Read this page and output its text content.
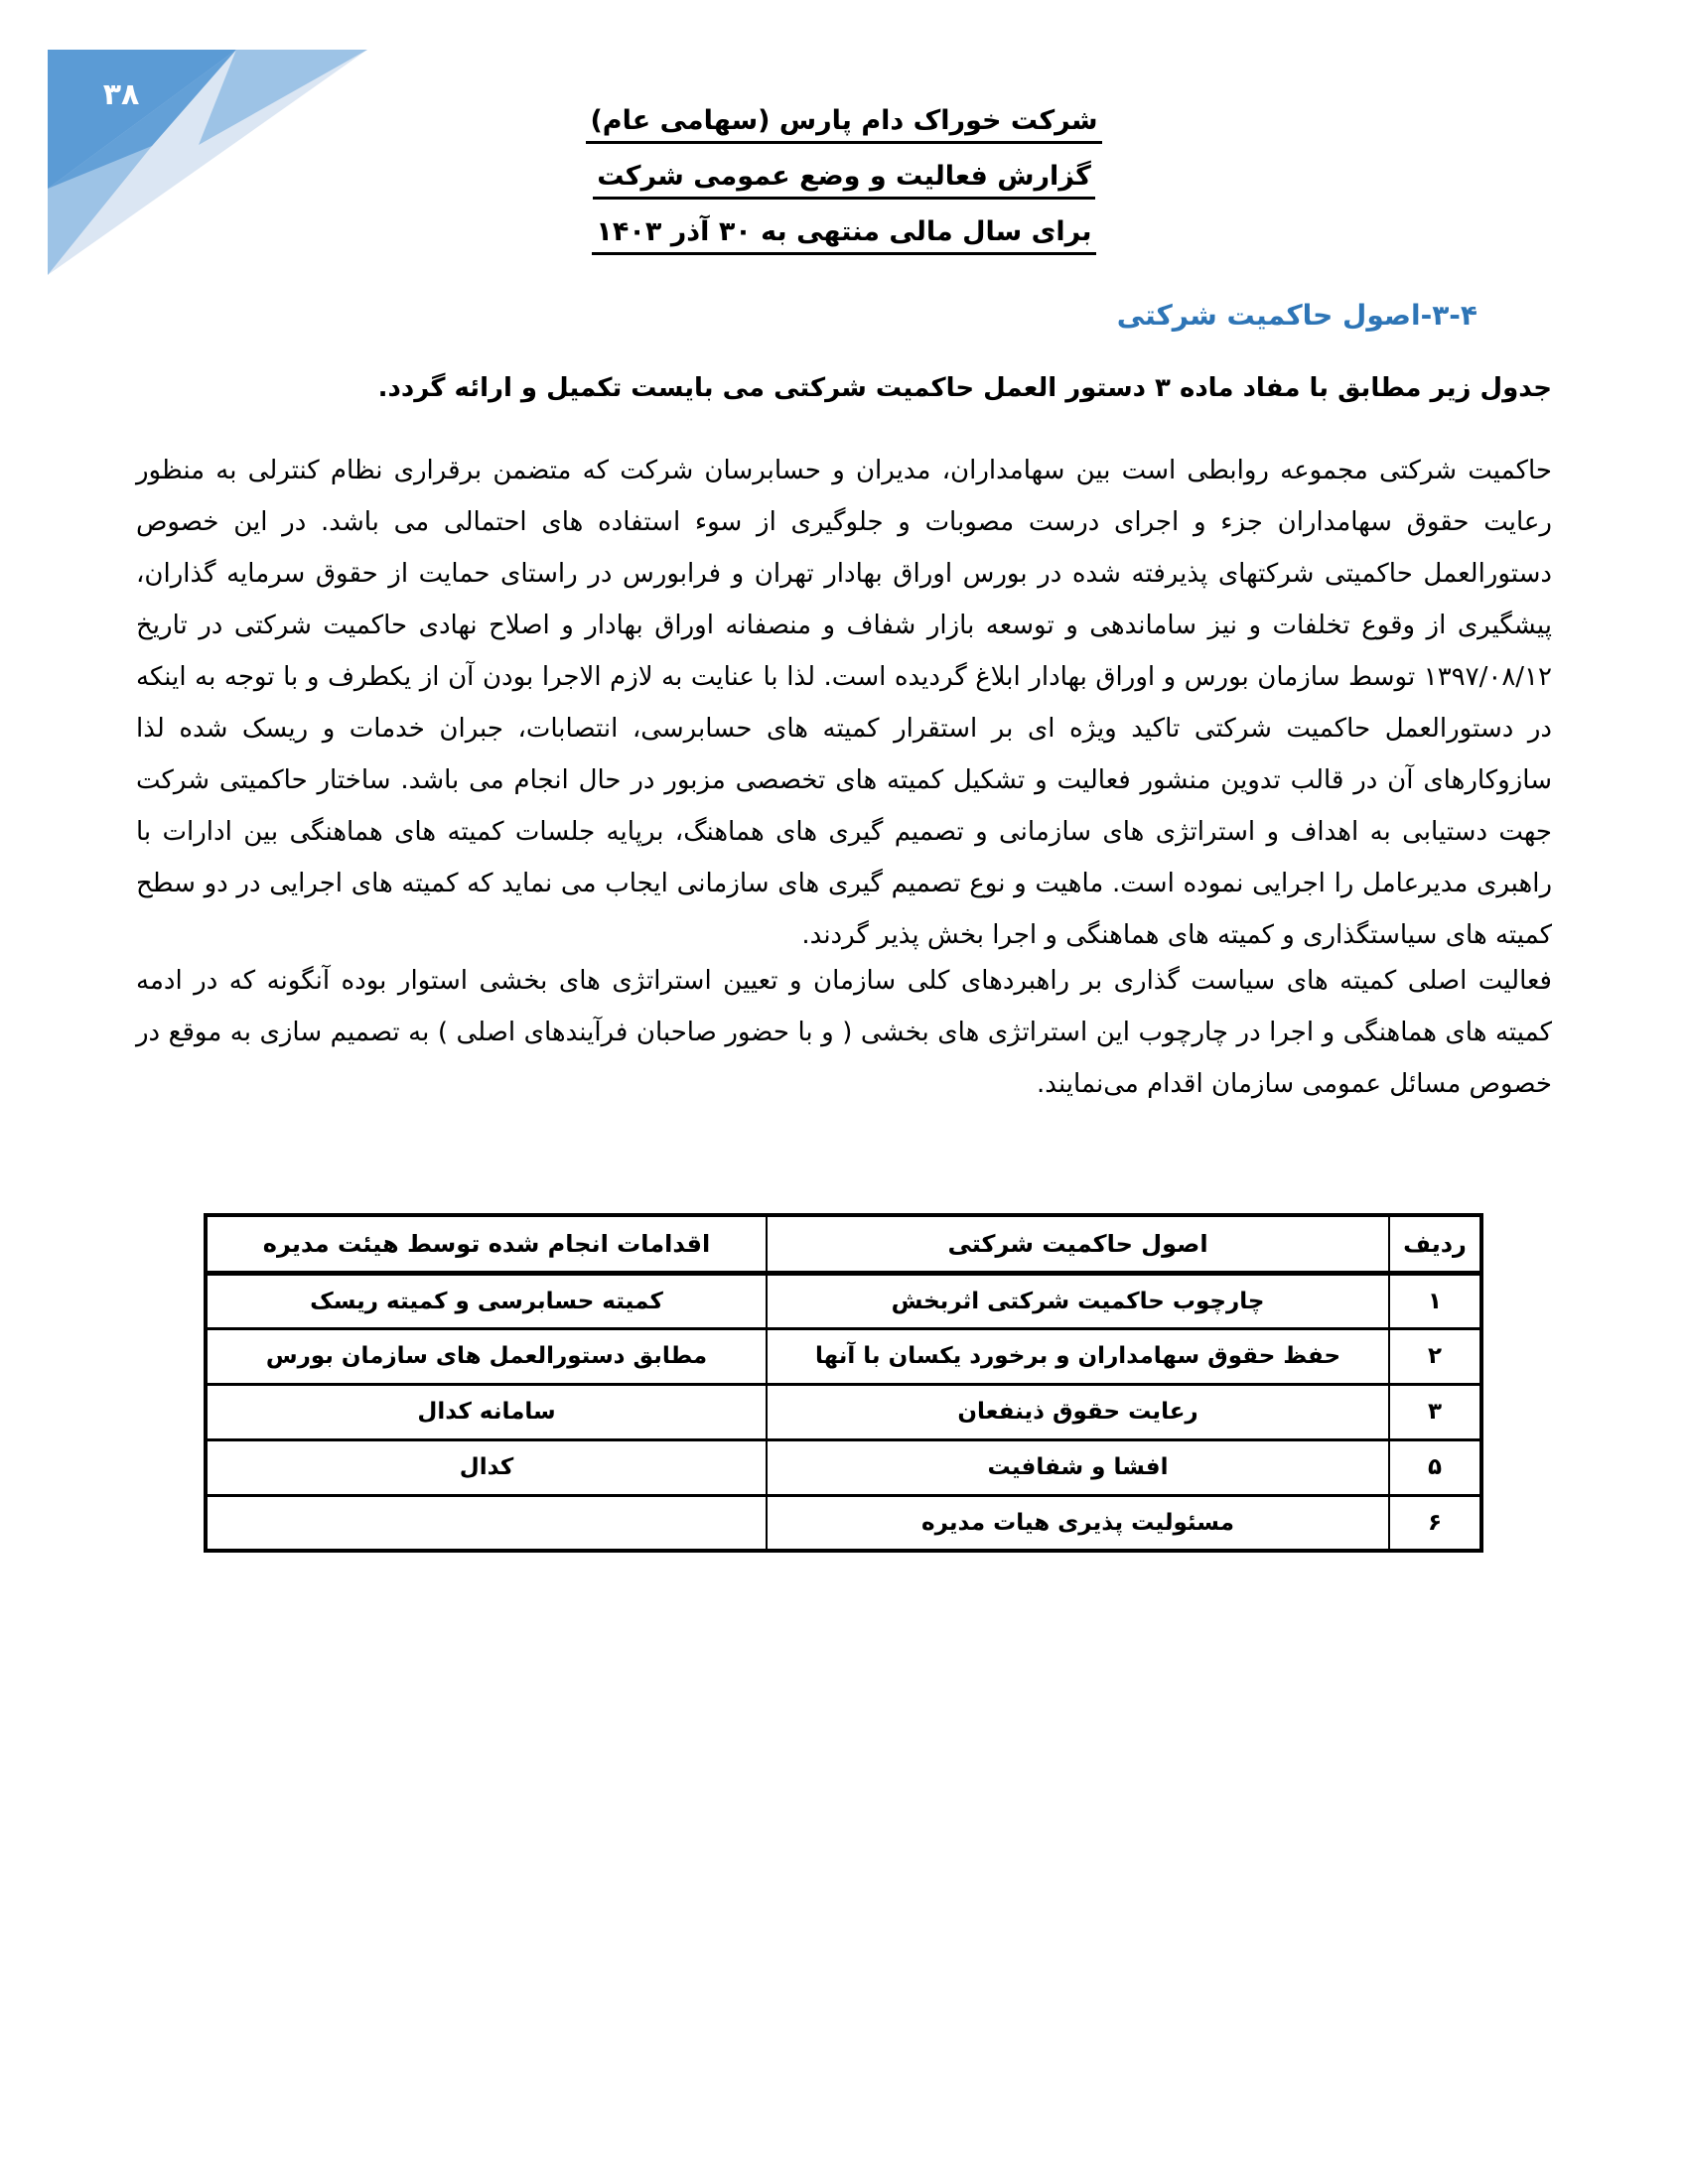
۳۸
شرکت خوراک دام پارس (سهامی عام)
گزارش فعالیت و وضع عمومی شرکت
برای سال مالی منتهی به ۳۰ آذر ۱۴۰۳
۳-۴-اصول حاکمیت شرکتی

جدول زیر مطابق با مفاد ماده ۳ دستور العمل حاکمیت شرکتی می بایست تکمیل و ارائه گردد.

حاکمیت شرکتی مجموعه روابطی است بین سهامداران، مدیران و حسابرسان شرکت که متضمن برقراری نظام کنترلی به منظور رعایت حقوق سهامداران جزء و اجرای درست مصوبات و جلوگیری از سوء استفاده های احتمالی می باشد. در این خصوص دستورالعمل حاکمیتی شرکتهای پذیرفته شده در بورس اوراق بهادار تهران و فرابورس در راستای حمایت از حقوق سرمایه گذاران، پیشگیری از وقوع تخلفات و نیز ساماندهی و توسعه بازار شفاف و منصفانه اوراق بهادار و اصلاح نهادی حاکمیت شرکتی در تاریخ ۱۳۹۷/۰۸/۱۲ توسط سازمان بورس و اوراق بهادار ابلاغ گردیده است. لذا با عنایت به لازم الاجرا بودن آن از یکطرف و با توجه به اینکه در دستورالعمل حاکمیت شرکتی تاکید ویژه ای بر استقرار کمیته های حسابرسی، انتصابات، جبران خدمات و ریسک شده لذا سازوکارهای آن در قالب تدوین منشور فعالیت و تشکیل کمیته های تخصصی مزبور در حال انجام می باشد. ساختار حاکمیتی شرکت جهت دستیابی به اهداف و استراتژی های سازمانی و تصمیم گیری های هماهنگ، برپایه جلسات کمیته های هماهنگی بین ادارات با راهبری مدیرعامل را اجرایی نموده است. ماهیت و نوع تصمیم گیری های سازمانی ایجاب می نماید که کمیته های اجرایی در دو سطح کمیته های سیاستگذاری و کمیته های هماهنگی و اجرا بخش پذیر گردند.

فعالیت اصلی کمیته های سیاست گذاری بر راهبردهای کلی سازمان و تعیین استراتژی های بخشی استوار بوده آنگونه که در ادمه کمیته های هماهنگی و اجرا در چارچوب این استراتژی های بخشی ( و با حضور صاحبان فرآیندهای اصلی ) به تصمیم سازی به موقع در خصوص مسائل عمومی سازمان اقدام می‌نمایند.

ردیف	اصول حاکمیت شرکتی	اقدامات انجام شده توسط هیئت مدیره
۱	چارچوب حاکمیت شرکتی اثربخش	کمیته حسابرسی و کمیته ریسک
۲	حفظ حقوق سهامداران و برخورد یکسان با آنها	مطابق دستورالعمل های سازمان بورس
۳	رعایت حقوق ذینفعان	سامانه کدال
۵	افشا و شفافیت	کدال
۶	مسئولیت پذیری هیات مدیره	
